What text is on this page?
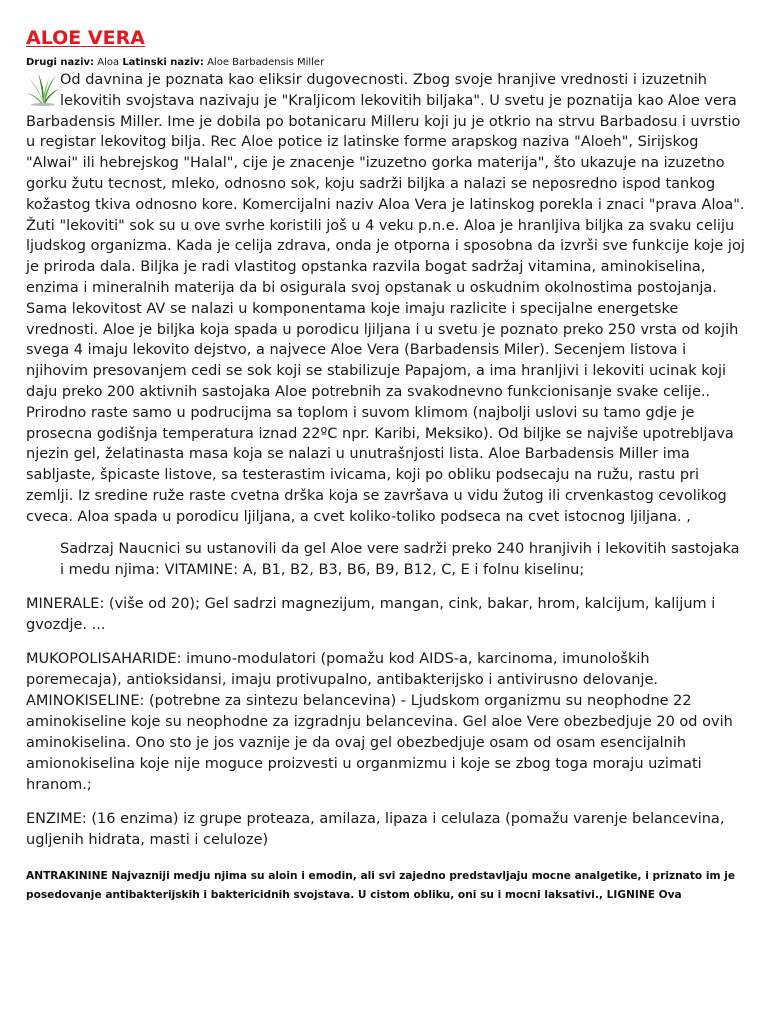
ALOE VERA
Drugi naziv: Aloa Latinski naziv: Aloe Barbadensis Miller

Od davnina je poznata kao eliksir dugovecnosti. Zbog svoje hranjive vrednosti i izuzetnih lekovitih svojstava nazivaju je "Kraljicom lekovitih biljaka". U svetu je poznatija kao Aloe vera Barbadensis Miller. Ime je dobila po botanicaru Milleru koji ju je otkrio na strvu Barbadosu i uvrstio u registar lekovitog bilja. Rec Aloe potice iz latinske forme arapskog naziva "Aloeh", Sirijskog "Alwai" ili hebrejskog "Halal", cije je znacenje "izuzetno gorka materija", što ukazuje na izuzetno gorku žutu tecnost, mleko, odnosno sok, koju sadrži biljka a nalazi se neposredno ispod tankog kožastog tkiva odnosno kore. Komercijalni naziv Aloa Vera je latinskog porekla i znaci "prava Aloa". Žuti "lekoviti" sok su u ove svrhe koristili još u 4 veku p.n.e. Aloa je hranljiva biljka za svaku celiju ljudskog organizma. Kada je celija zdrava, onda je otporna i sposobna da izvrši sve funkcije koje joj je priroda dala. Biljka je radi vlastitog opstanka razvila bogat sadržaj vitamina, aminokiselina, enzima i mineralnih materija da bi osigurala svoj opstanak u oskudnim okolnostima postojanja. Sama lekovitost AV se nalazi u komponentama koje imaju razlicite i specijalne energetske vrednosti. Aloe je biljka koja spada u porodicu ljiljana i u svetu je poznato preko 250 vrsta od kojih svega 4 imaju lekovito dejstvo, a najvece Aloe Vera (Barbadensis Miler). Secenjem listova i njihovim presovanjem cedi se sok koji se stabilizuje Papajom, a ima hranljivi i lekoviti ucinak koji daju preko 200 aktivnih sastojaka Aloe potrebnih za svakodnevno funkcionisanje svake celije.. Prirodno raste samo u podrucijma sa toplom i suvom klimom (najbolji uslovi su tamo gdje je prosecna godišnja temperatura iznad 22ºC npr. Karibi, Meksiko). Od biljke se najviše upotrebljava njezin gel, želatinasta masa koja se nalazi u unutrašnjosti lista. Aloe Barbadensis Miller ima sabljaste, špicaste listove, sa testerastim ivicama, koji po obliku podsecaju na ružu, rastu pri zemlji. Iz sredine ruže raste cvetna drška koja se završava u vidu žutog ili crvenkastog cevolikog cveca. Aloa spada u porodicu ljiljana, a cvet koliko-toliko podseca na cvet istocnog ljiljana. ,

Sadrzaj Naucnici su ustanovili da gel Aloe vere sadrži preko 240 hranjivih i lekovitih sastojaka i medu njima: VITAMINE: A, B1, B2, B3, B6, B9, B12, C, E i folnu kiselinu;
MINERALE: (više od 20); Gel sadrzi magnezijum, mangan, cink, bakar, hrom, kalcijum, kalijum i gvozdje. ...

MUKOPOLISAHARIDE: imuno-modulatori (pomažu kod AIDS-a, karcinoma, imunoloških poremecaja), antioksidansi, imaju protivupalno, antibakterijsko i antivirusno delovanje.

AMINOKISELINE: (potrebne za sintezu belancevina) - Ljudskom organizmu su neophodne 22 aminokiseline koje su neophodne za izgradnju belancevina. Gel aloe Vere obezbedjuje 20 od ovih aminokiselina. Ono sto je jos vaznije je da ovaj gel obezbedjuje osam od osam esencijalnih amionokiselina koje nije moguce proizvesti u organmizmu i koje se zbog toga moraju uzimati hranom.;

ENZIME: (16 enzima) iz grupe proteaza, amilaza, lipaza i celulaza (pomažu varenje belancevina, ugljenih hidrata, masti i celuloze)
ANTRAKININE Najvazniji medju njima su aloin i emodin, ali svi zajedno predstavljaju mocne analgetike, i priznato im je posedovanje antibakterijskih i baktericidnih svojstava. U cistom obliku, oni su i mocni laksativi., LIGNINE Ova
